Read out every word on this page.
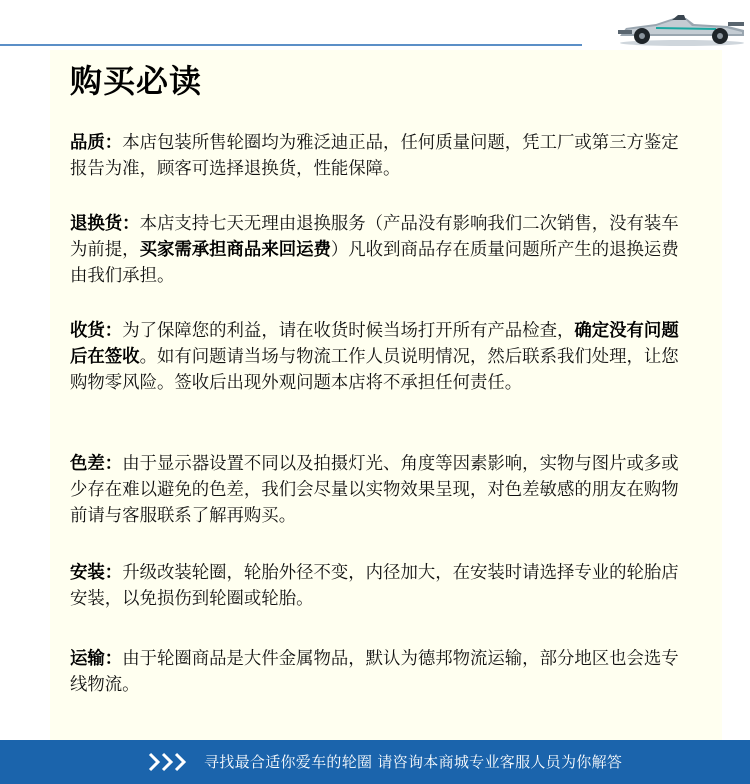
购买必读

品质：本店包装所售轮圈均为雅泛迪正品，任何质量问题，凭工厂或第三方鉴定报告为准，顾客可选择退换货，性能保障。

退换货：本店支持七天无理由退换服务（产品没有影响我们二次销售，没有装车为前提，买家需承担商品来回运费）凡收到商品存在质量问题所产生的退换运费由我们承担。

收货：为了保障您的利益，请在收货时候当场打开所有产品检查，确定没有问题后在签收。如有问题请当场与物流工作人员说明情况，然后联系我们处理，让您购物零风险。签收后出现外观问题本店将不承担任何责任。

色差：由于显示器设置不同以及拍摄灯光、角度等因素影响，实物与图片或多或少存在难以避免的色差，我们会尽量以实物效果呈现，对色差敏感的朋友在购物前请与客服联系了解再购买。

安装：升级改装轮圈，轮胎外径不变，内径加大，在安装时请选择专业的轮胎店安装，以免损伤到轮圈或轮胎。

运输：由于轮圈商品是大件金属物品，默认为德邦物流运输，部分地区也会选专线物流。

寻找最合适你爱车的轮圈 请咨询本商城专业客服人员为你解答
